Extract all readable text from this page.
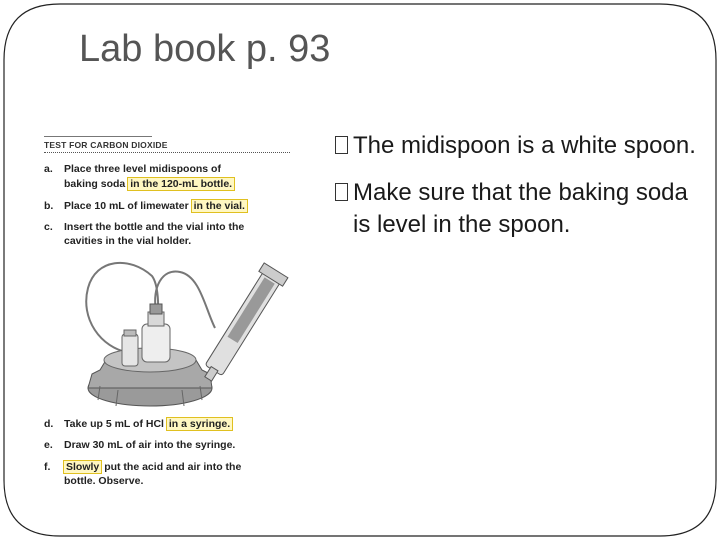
Lab book p. 93
The midispoon is a white spoon.
Make sure that the baking soda is level in the spoon.
TEST FOR CARBON DIOXIDE
a. Place three level midispoons of
baking soda in the 120-mL bottle.
b. Place 10 mL of limewater in the vial.
c. Insert the bottle and the vial into the
cavities in the vial holder.
d. Take up 5 mL of HCl in a syringe.
e. Draw 30 mL of air into the syringe.
f. Slowly put the acid and air into the
bottle. Observe.
